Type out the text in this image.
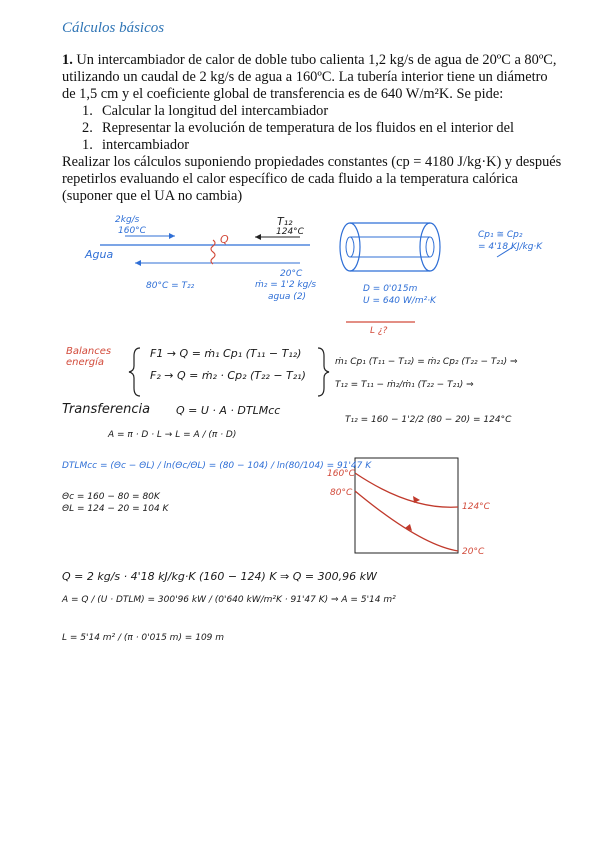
Cálculos básicos

1. Un intercambiador de calor de doble tubo calienta 1,2 kg/s de agua de 20ºC a 80ºC, utilizando un caudal de 2 kg/s de agua a 160ºC. La tubería interior tiene un diámetro de 1,5 cm y el coeficiente global de transferencia es de 640 W/m²K. Se pide:

1. Calcular la longitud del intercambiador
2. Representar la evolución de temperatura de los fluidos en el interior del
1. intercambiador

Realizar los cálculos suponiendo propiedades constantes (cp = 4180 J/kg·K) y después repetirlos evaluando el calor específico de cada fluido a la temperatura calórica (suponer que el UA no cambia)

2kg/s
160°C
Agua
T₁₂
124°C
Q
80°C = T₂₂
20°C
ṁ₂ = 1'2 kg/s
agua (2)
Cp₁ ≅ Cp₂
= 4'18 KJ/kg·K
D = 0'015m
U = 640 W/m²·K
L ¿?
Balances energía
F1 → Q = ṁ₁ Cp₁ (T₁₁ − T₁₂)
F₂ → Q = ṁ₂ · Cp₂ (T₂₂ − T₂₁)
ṁ₁ Cp₁ (T₁₁ − T₁₂) = ṁ₂ Cp₂ (T₂₂ − T₂₁) ⇒
T₁₂ = T₁₁ − ṁ₂/ṁ₁ (T₂₂ − T₂₁) ⇒
Transferencia Q = U · A · DTLMcc
A = π · D · L → L = A / (π · D)
T₁₂ = 160 − 1'2/2 (80 − 20) = 124°C
DTLMcc = (Θc − ΘL) / ln(Θc/ΘL) = (80 − 104) / ln(80/104) = 91'47 K
Θc = 160 − 80 = 80K
ΘL = 124 − 20 = 104 K
160°C
80°C
124°C
20°C
Q = 2 kg/s · 4'18 kJ/kg·K (160 − 124) K ⇒ Q = 300,96 kW
A = Q / (U · DTLM) = 300'96 kW / (0'640 kW/m²K · 91'47 K) ⇒ A = 5'14 m²
L = 5'14 m² / (π · 0'015 m) = 109 m
